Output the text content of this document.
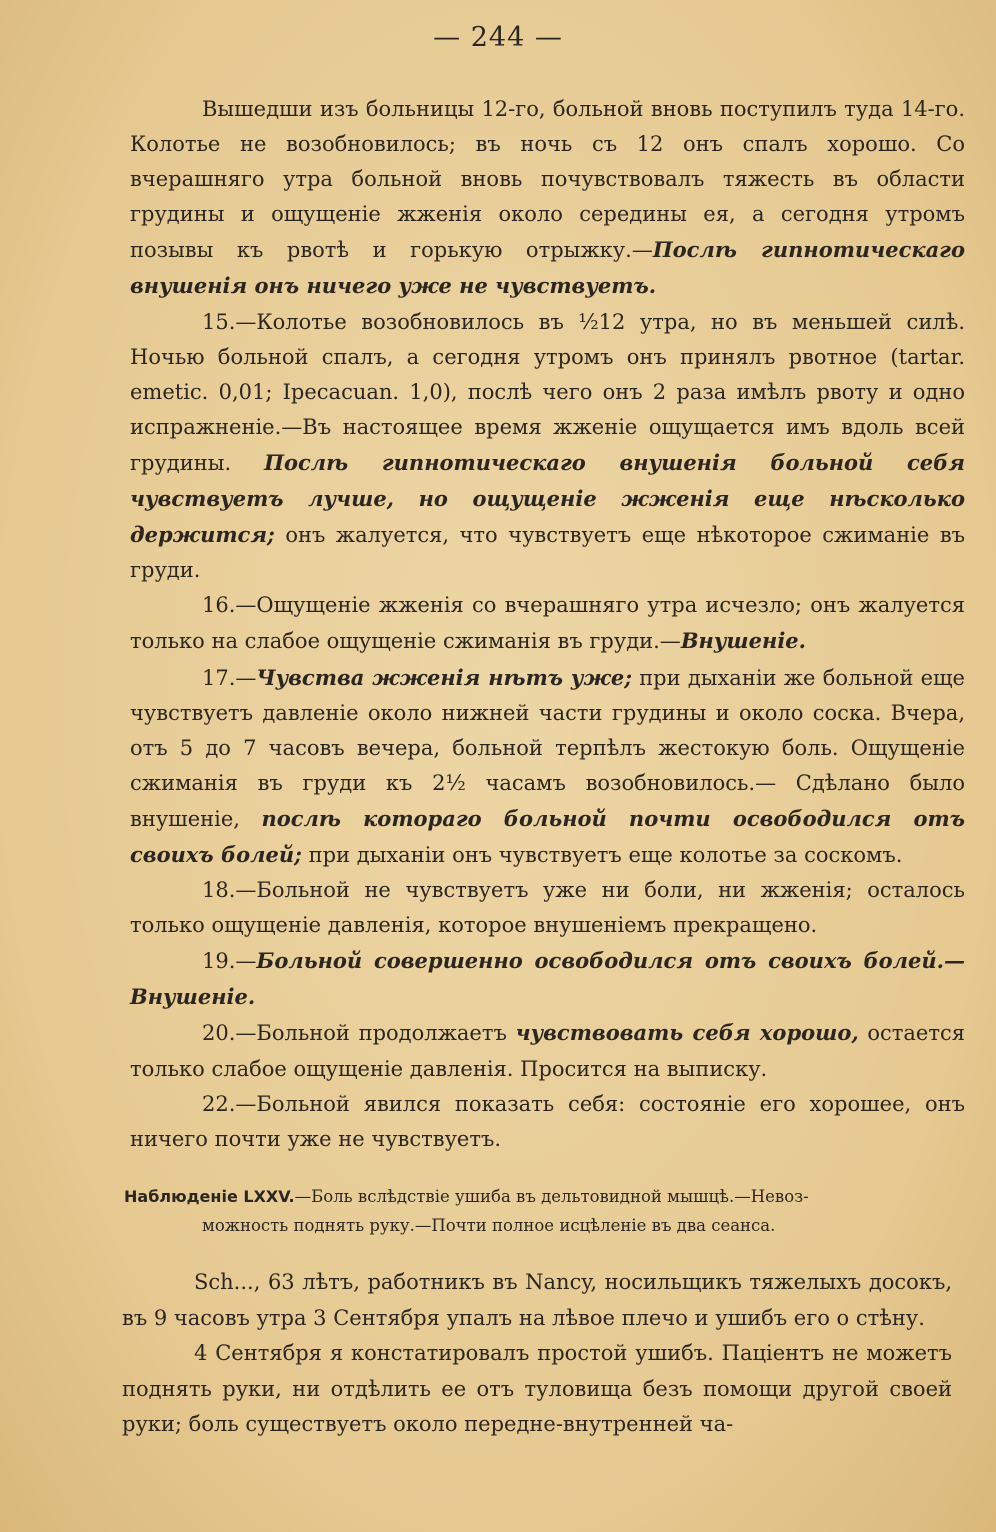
— 244 —

Вышедши изъ больницы 12-го, больной вновь поступилъ туда 14-го. Колотье не возобновилось; въ ночь съ 12 онъ спалъ хорошо. Со вчерашняго утра больной вновь почувствовалъ тяжесть въ области грудины и ощущеніе жженія около середины ея, а сегодня утромъ позывы къ рвотѣ и горькую отрыжку.—Послѣ гипнотическаго внушенія онъ ничего уже не чувствуетъ.

15.—Колотье возобновилось въ ½12 утра, но въ меньшей силѣ. Ночью больной спалъ, а сегодня утромъ онъ принялъ рвотное (tartar. emetic. 0,01; Ipecacuan. 1,0), послѣ чего онъ 2 раза имѣлъ рвоту и одно испражненіе.—Въ настоящее время жженіе ощущается имъ вдоль всей грудины. Послѣ гипнотическаго внушенія больной себя чувствуетъ лучше, но ощущеніе жженія еще нѣсколько держится; онъ жалуется, что чувствуетъ еще нѣкоторое сжиманіе въ груди.

16.—Ощущеніе жженія со вчерашняго утра исчезло; онъ жалуется только на слабое ощущеніе сжиманія въ груди.—Внушеніе.

17.—Чувства жженія нѣтъ уже; при дыханіи же больной еще чувствуетъ давленіе около нижней части грудины и около соска. Вчера, отъ 5 до 7 часовъ вечера, больной терпѣлъ жестокую боль. Ощущеніе сжиманія въ груди къ 2½ часамъ возобновилось.— Сдѣлано было внушеніе, послѣ котораго больной почти освободился отъ своихъ болей; при дыханіи онъ чувствуетъ еще колотье за соскомъ.

18.—Больной не чувствуетъ уже ни боли, ни жженія; осталось только ощущеніе давленія, которое внушеніемъ прекращено.

19.—Больной совершенно освободился отъ своихъ болей.— Внушеніе.

20.—Больной продолжаетъ чувствовать себя хорошо, остается только слабое ощущеніе давленія. Просится на выписку.

22.—Больной явился показать себя: состояніе его хорошее, онъ ничего почти уже не чувствуетъ.

Наблюденіе LXXV.—Боль вслѣдствіе ушиба въ дельтовидной мышцѣ.—Невоз-
можность поднять руку.—Почти полное исцѣленіе въ два сеанса.

Sch..., 63 лѣтъ, работникъ въ Nancy, носильщикъ тяжелыхъ досокъ, въ 9 часовъ утра 3 Сентября упалъ на лѣвое плечо и ушибъ его о стѣну.

4 Сентября я констатировалъ простой ушибъ. Паціентъ не можетъ поднять руки, ни отдѣлить ее отъ туловища безъ помощи другой своей руки; боль существуетъ около передне-внутренней ча-
